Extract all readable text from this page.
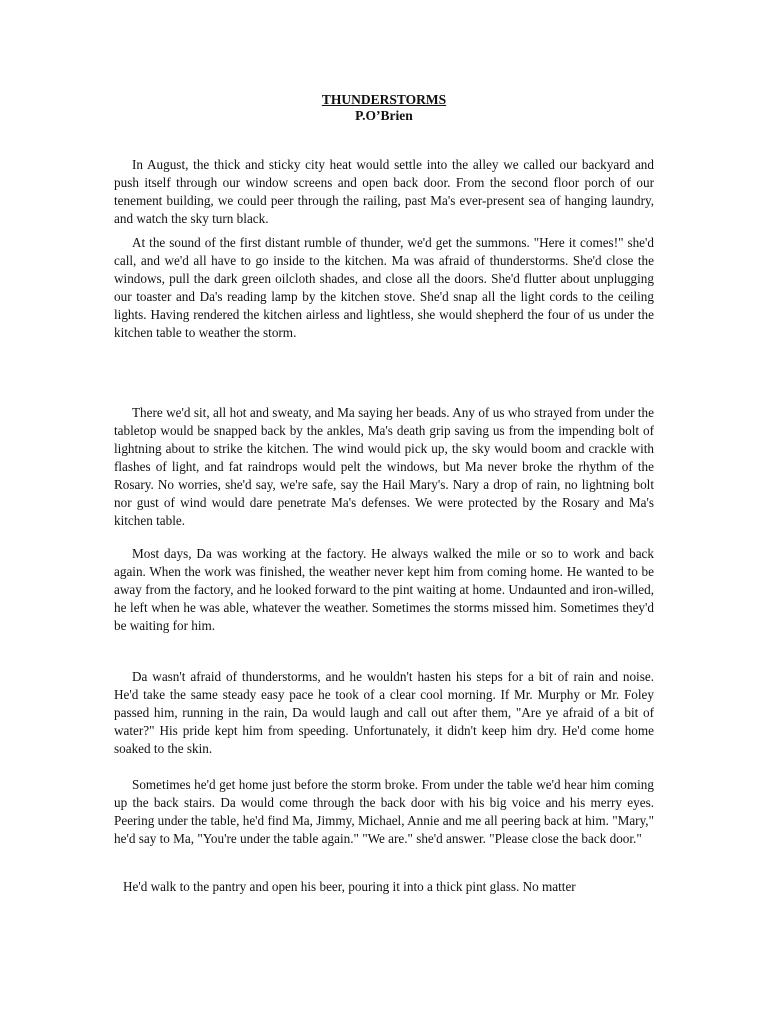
THUNDERSTORMS
P.O’Brien

In August, the thick and sticky city heat would settle into the alley we called our backyard and push itself through our window screens and open back door. From the second floor porch of our tenement building, we could peer through the railing, past Ma's ever-present sea of hanging laundry, and watch the sky turn black.

At the sound of the first distant rumble of thunder, we'd get the summons. "Here it comes!" she'd call, and we'd all have to go inside to the kitchen. Ma was afraid of thunderstorms. She'd close the windows, pull the dark green oilcloth shades, and close all the doors. She'd flutter about unplugging our toaster and Da's reading lamp by the kitchen stove. She'd snap all the light cords to the ceiling lights. Having rendered the kitchen airless and lightless, she would shepherd the four of us under the kitchen table to weather the storm.

There we'd sit, all hot and sweaty, and Ma saying her beads. Any of us who strayed from under the tabletop would be snapped back by the ankles, Ma's death grip saving us from the impending bolt of lightning about to strike the kitchen. The wind would pick up, the sky would boom and crackle with flashes of light, and fat raindrops would pelt the windows, but Ma never broke the rhythm of the Rosary. No worries, she'd say, we're safe, say the Hail Mary's. Nary a drop of rain, no lightning bolt nor gust of wind would dare penetrate Ma's defenses. We were protected by the Rosary and Ma's kitchen table.

Most days, Da was working at the factory. He always walked the mile or so to work and back again. When the work was finished, the weather never kept him from coming home. He wanted to be away from the factory, and he looked forward to the pint waiting at home. Undaunted and iron-willed, he left when he was able, whatever the weather. Sometimes the storms missed him. Sometimes they'd be waiting for him.

Da wasn't afraid of thunderstorms, and he wouldn't hasten his steps for a bit of rain and noise. He'd take the same steady easy pace he took of a clear cool morning. If Mr. Murphy or Mr. Foley passed him, running in the rain, Da would laugh and call out after them, "Are ye afraid of a bit of water?" His pride kept him from speeding. Unfortunately, it didn't keep him dry. He'd come home soaked to the skin.

Sometimes he'd get home just before the storm broke. From under the table we'd hear him coming up the back stairs. Da would come through the back door with his big voice and his merry eyes. Peering under the table, he'd find Ma, Jimmy, Michael, Annie and me all peering back at him. "Mary," he'd say to Ma, "You're under the table again." "We are." she'd answer. "Please close the back door."

He'd walk to the pantry and open his beer, pouring it into a thick pint glass. No matter
